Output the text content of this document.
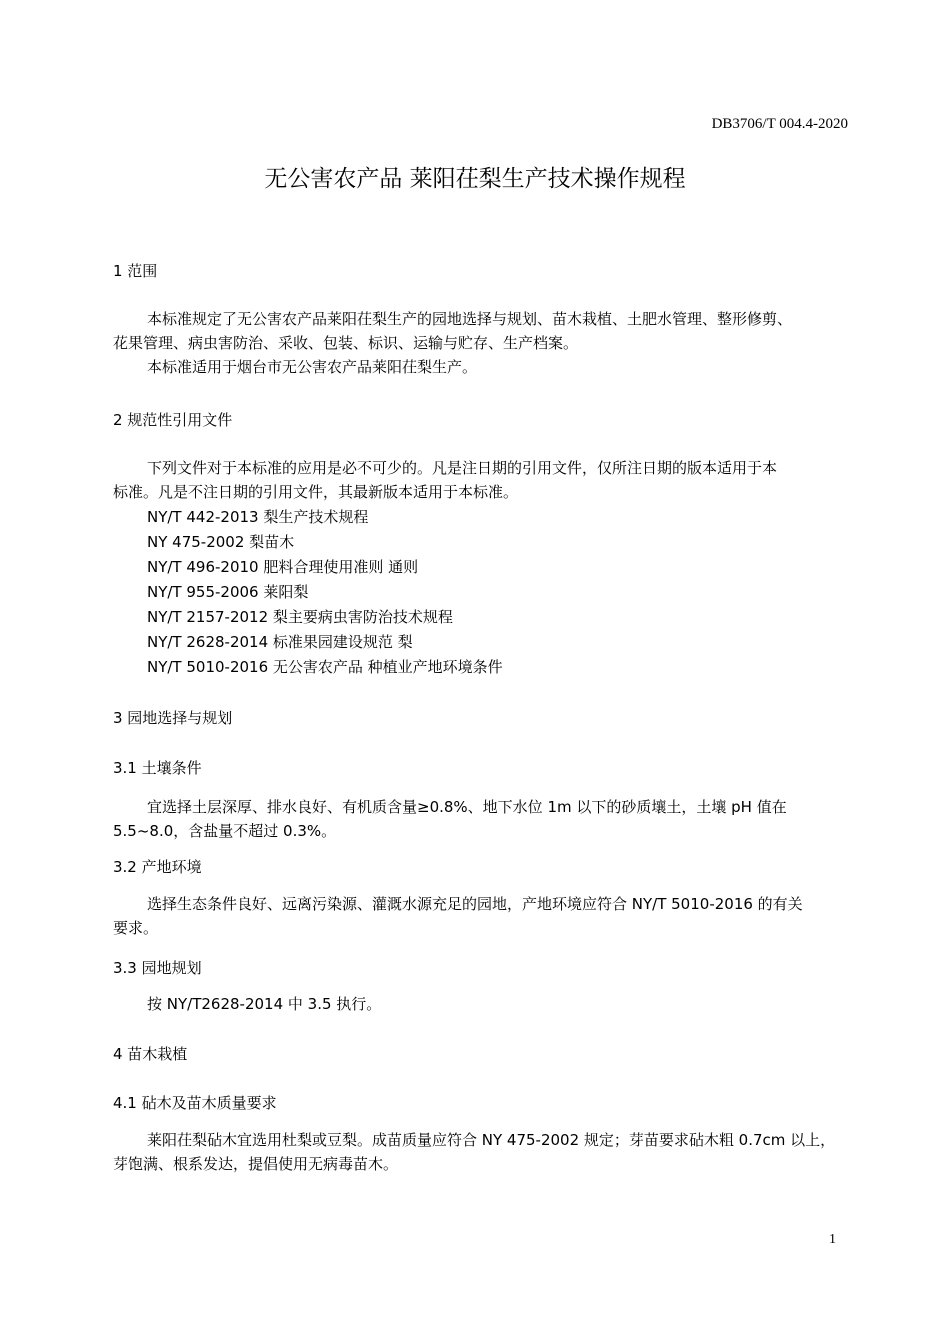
DB3706/T 004.4-2020
无公害农产品 莱阳茌梨生产技术操作规程
1 范围
本标准规定了无公害农产品莱阳茌梨生产的园地选择与规划、苗木栽植、土肥水管理、整形修剪、
花果管理、病虫害防治、采收、包装、标识、运输与贮存、生产档案。
本标准适用于烟台市无公害农产品莱阳茌梨生产。
2 规范性引用文件
下列文件对于本标准的应用是必不可少的。凡是注日期的引用文件，仅所注日期的版本适用于本
标准。凡是不注日期的引用文件，其最新版本适用于本标准。
NY/T 442-2013 梨生产技术规程
NY 475-2002 梨苗木
NY/T 496-2010 肥料合理使用准则 通则
NY/T 955-2006 莱阳梨
NY/T 2157-2012 梨主要病虫害防治技术规程
NY/T 2628-2014 标准果园建设规范 梨
NY/T 5010-2016 无公害农产品 种植业产地环境条件
3 园地选择与规划
3.1 土壤条件
宜选择土层深厚、排水良好、有机质含量≥0.8%、地下水位 1m 以下的砂质壤土，土壤 pH 值在
5.5~8.0，含盐量不超过 0.3%。
3.2 产地环境
选择生态条件良好、远离污染源、灌溉水源充足的园地，产地环境应符合 NY/T 5010-2016 的有关
要求。
3.3 园地规划
按 NY/T2628-2014 中 3.5 执行。
4 苗木栽植
4.1 砧木及苗木质量要求
莱阳茌梨砧木宜选用杜梨或豆梨。成苗质量应符合 NY 475-2002 规定；芽苗要求砧木粗 0.7cm 以上，
芽饱满、根系发达，提倡使用无病毒苗木。
1
